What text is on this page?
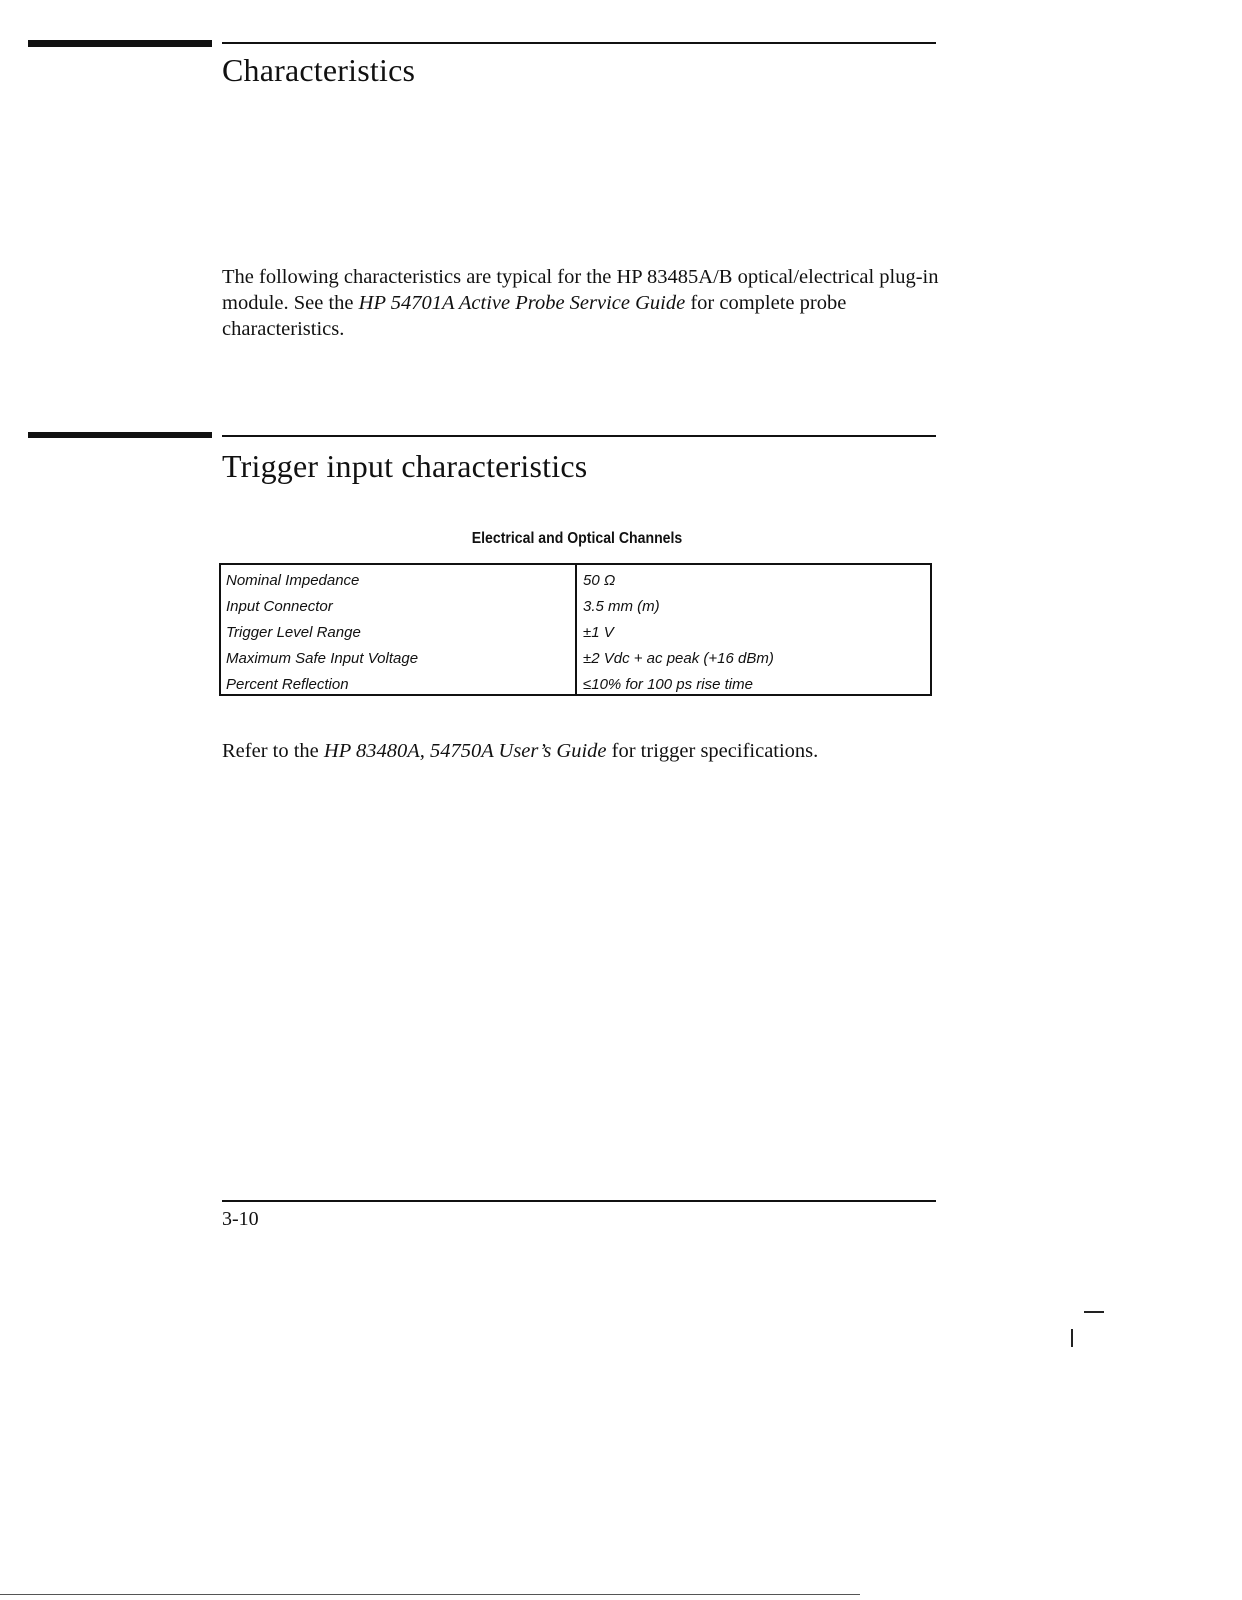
Characteristics

The following characteristics are typical for the HP 83485A/B optical/electrical plug-in module. See the HP 54701A Active Probe Service Guide for complete probe characteristics.

Trigger input characteristics
Electrical and Optical Channels
Nominal Impedance
Input Connector
Trigger Level Range
Maximum Safe Input Voltage
Percent Reflection
50 Ω
3.5 mm (m)
±1 V
±2 Vdc + ac peak (+16 dBm)
≤10% for 100 ps rise time

Refer to the HP 83480A, 54750A User’s Guide for trigger specifications.

3-10
